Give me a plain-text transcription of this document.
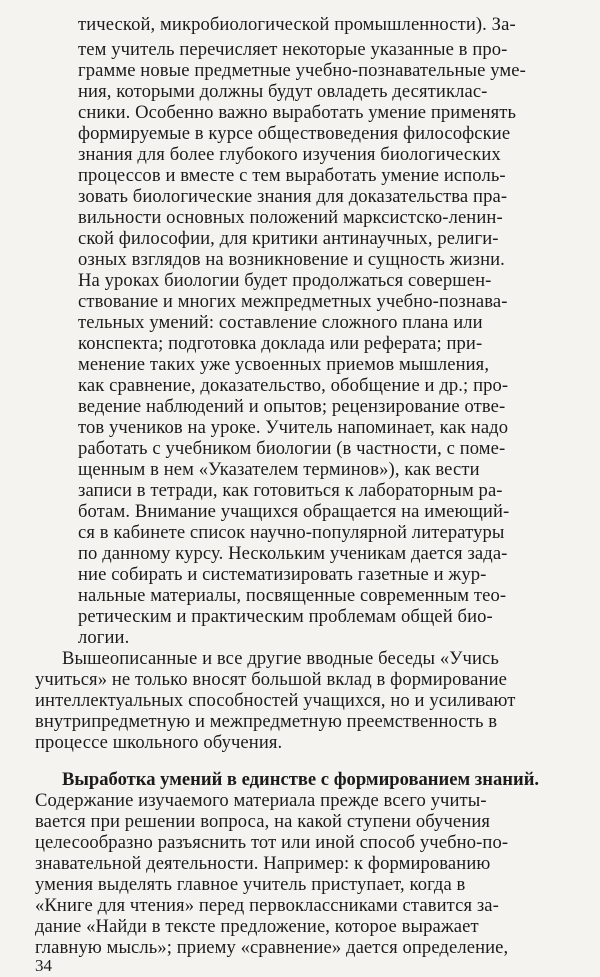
тической, микробиологической промышленности). За-
тем учитель перечисляет некоторые указанные в про-
грамме новые предметные учебно-познавательные уме-
ния, которыми должны будут овладеть десятиклас-
сники. Особенно важно выработать умение применять
формируемые в курсе обществоведения философские
знания для более глубокого изучения биологических
процессов и вместе с тем выработать умение исполь-
зовать биологические знания для доказательства пра-
вильности основных положений марксистско-ленин-
ской философии, для критики антинаучных, религи-
озных взглядов на возникновение и сущность жизни.
На уроках биологии будет продолжаться совершен-
ствование и многих межпредметных учебно-познава-
тельных умений: составление сложного плана или
конспекта; подготовка доклада или реферата; при-
менение таких уже усвоенных приемов мышления,
как сравнение, доказательство, обобщение и др.; про-
ведение наблюдений и опытов; рецензирование отве-
тов учеников на уроке. Учитель напоминает, как надо
работать с учебником биологии (в частности, с поме-
щенным в нем «Указателем терминов»), как вести
записи в тетради, как готовиться к лабораторным ра-
ботам. Внимание учащихся обращается на имеющий-
ся в кабинете список научно-популярной литературы
по данному курсу. Нескольким ученикам дается зада-
ние собирать и систематизировать газетные и жур-
нальные материалы, посвященные современным тео-
ретическим и практическим проблемам общей био-
логии.
Вышеописанные и все другие вводные беседы «Учись
учиться» не только вносят большой вклад в формирование
интеллектуальных способностей учащихся, но и усиливают
внутрипредметную и межпредметную преемственность в
процессе школьного обучения.
Выработка умений в единстве с формированием знаний.
Содержание изучаемого материала прежде всего учиты-
вается при решении вопроса, на какой ступени обучения
целесообразно разъяснить тот или иной способ учебно-по-
знавательной деятельности. Например: к формированию
умения выделять главное учитель приступает, когда в
«Книге для чтения» перед первоклассниками ставится за-
дание «Найди в тексте предложение, которое выражает
главную мысль»; приему «сравнение» дается определение,
34
